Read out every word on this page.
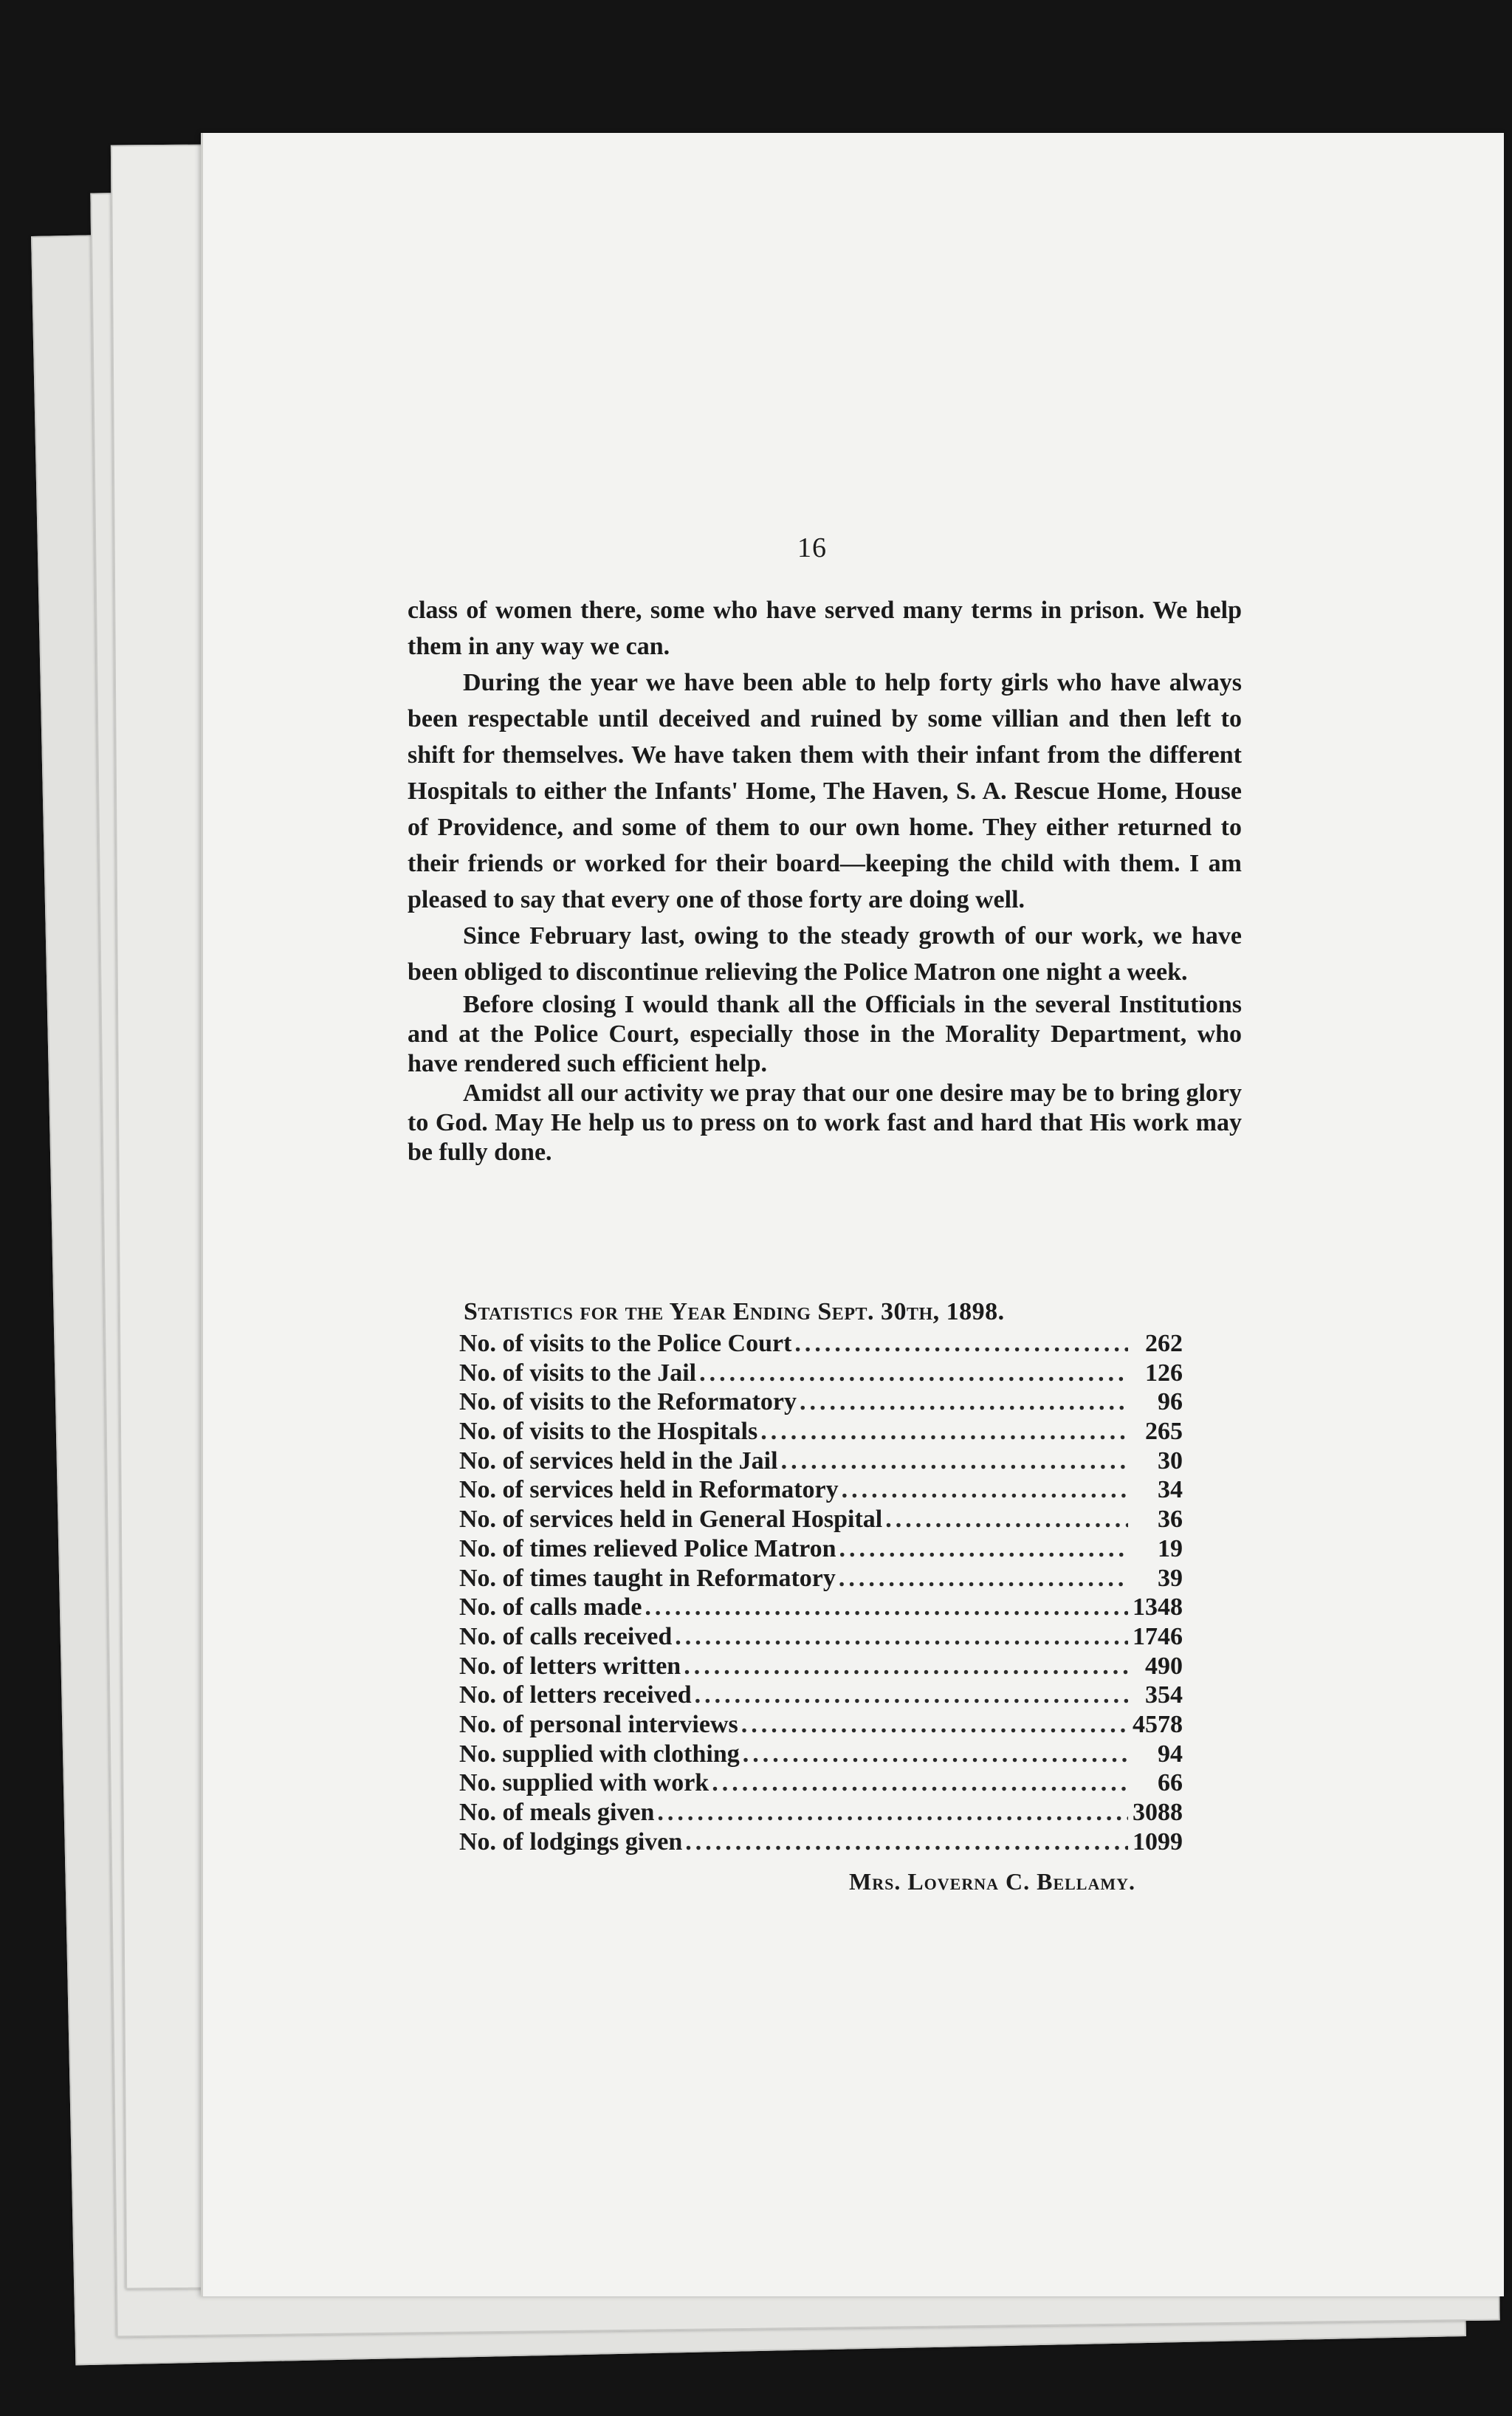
16

class of women there, some who have served many terms in prison. We help them in any way we can.

During the year we have been able to help forty girls who have always been respectable until deceived and ruined by some villian and then left to shift for themselves. We have taken them with their infant from the different Hospitals to either the Infants' Home, The Haven, S. A. Rescue Home, House of Providence, and some of them to our own home. They either returned to their friends or worked for their board—keeping the child with them. I am pleased to say that every one of those forty are doing well.

Since February last, owing to the steady growth of our work, we have been obliged to discontinue relieving the Police Matron one night a week.

Before closing I would thank all the Officials in the several Institutions and at the Police Court, especially those in the Morality Department, who have rendered such efficient help.

Amidst all our activity we pray that our one desire may be to bring glory to God. May He help us to press on to work fast and hard that His work may be fully done.

Statistics for the Year Ending Sept. 30th, 1898.
No. of visits to the Police Court .....	262
No. of visits to the Jail .....	126
No. of visits to the Reformatory .....	96
No. of visits to the Hospitals .....	265
No. of services held in the Jail .....	30
No. of services held in Reformatory .....	34
No. of services held in General Hospital .....	36
No. of times relieved Police Matron .....	19
No. of times taught in Reformatory .....	39
No. of calls made .....	1348
No. of calls received .....	1746
No. of letters written .....	490
No. of letters received .....	354
No. of personal interviews .....	4578
No. supplied with clothing .....	94
No. supplied with work .....	66
No. of meals given .....	3088
No. of lodgings given .....	1099
Mrs. Loverna C. Bellamy.
